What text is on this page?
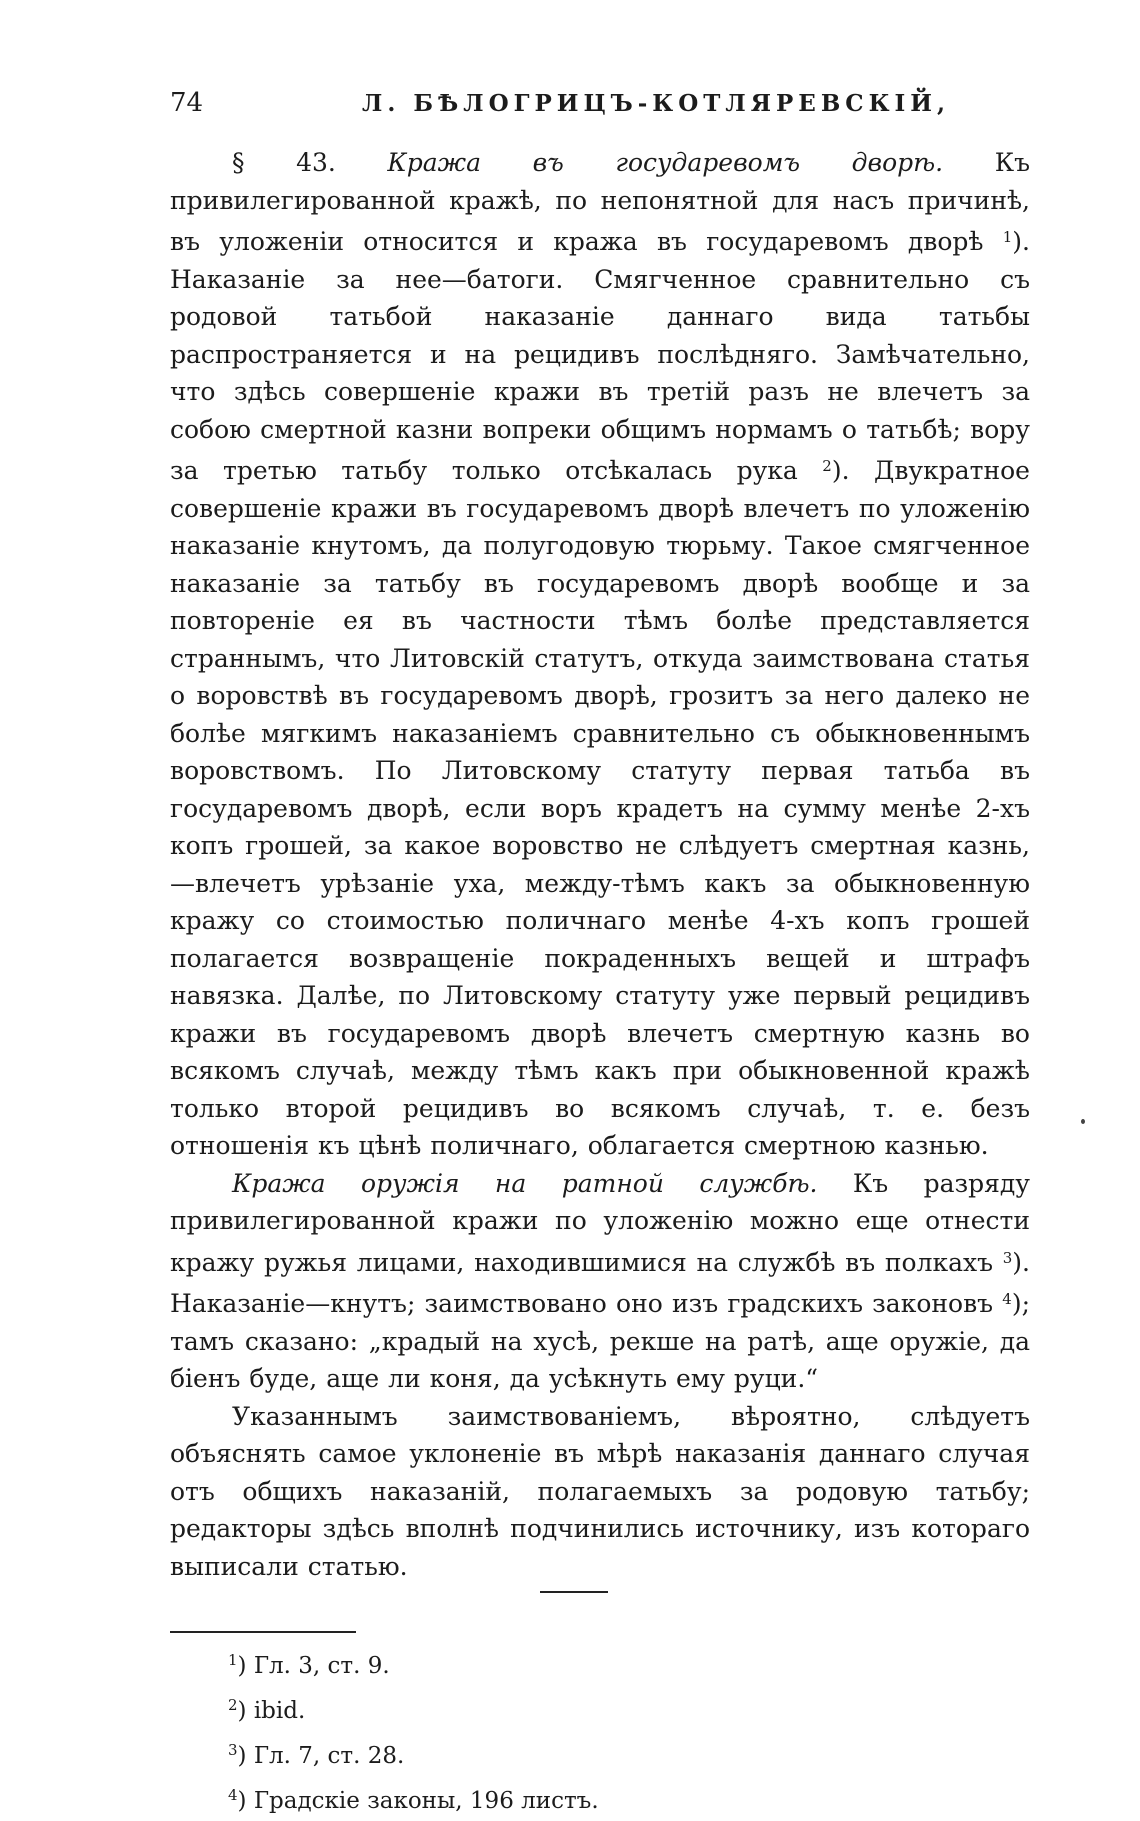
74	Л. БѢЛОГРИЦЪ-КОТЛЯРЕВСКІЙ,

§ 43. Кража въ государевомъ дворѣ. Къ привилегированной кражѣ, по непонятной для насъ причинѣ, въ уложеніи относится и кража въ государевомъ дворѣ $^1$). Наказаніе за нее—батоги. Смягченное сравнительно съ родовой татьбой наказаніе даннаго вида татьбы распространяется и на рецидивъ послѣдняго. Замѣчательно, что здѣсь совершеніе кражи въ третій разъ не влечетъ за собою смертной казни вопреки общимъ нормамъ о татьбѣ; вору за третью татьбу только отсѣкалась рука $^2$). Двукратное совершеніе кражи въ государевомъ дворѣ влечетъ по уложенію наказаніе кнутомъ, да полугодовую тюрьму. Такое смягченное наказаніе за татьбу въ государевомъ дворѣ вообще и за повтореніе ея въ частности тѣмъ болѣе представляется страннымъ, что Литовскій статутъ, откуда заимствована статья о воровствѣ въ государевомъ дворѣ, грозитъ за него далеко не болѣе мягкимъ наказаніемъ сравнительно съ обыкновеннымъ воровствомъ. По Литовскому статуту первая татьба въ государевомъ дворѣ, если воръ крадетъ на сумму менѣе 2-хъ копъ грошей, за какое воровство не слѣдуетъ смертная казнь,—влечетъ урѣзаніе уха, между-тѣмъ какъ за обыкновенную кражу со стоимостью поличнаго менѣе 4-хъ копъ грошей полагается возвращеніе покраденныхъ вещей и штрафъ навязка. Далѣе, по Литовскому статуту уже первый рецидивъ кражи въ государевомъ дворѣ влечетъ смертную казнь во всякомъ случаѣ, между тѣмъ какъ при обыкновенной кражѣ только второй рецидивъ во всякомъ случаѣ, т. е. безъ отношенія къ цѣнѣ поличнаго, облагается смертною казнью.

Кража оружія на ратной службѣ. Къ разряду привилегированной кражи по уложенію можно еще отнести кражу ружья лицами, находившимися на службѣ въ полкахъ $^3$). Наказаніе—кнутъ; заимствовано оно изъ градскихъ законовъ $^4$); тамъ сказано: „крадый на хусѣ, рекше на ратѣ, аще оружіе, да біенъ буде, аще ли коня, да усѣкнуть ему руци.“

Указаннымъ заимствованіемъ, вѣроятно, слѣдуетъ объяснять самое уклоненіе въ мѣрѣ наказанія даннаго случая отъ общихъ наказаній, полагаемыхъ за родовую татьбу; редакторы здѣсь вполнѣ подчинились источнику, изъ котораго выписали статью.

$^1$) Гл. 3, ст. 9.
$^2$) ibid.
$^3$) Гл. 7, ст. 28.
$^4$) Градскіе законы, 196 листъ.
